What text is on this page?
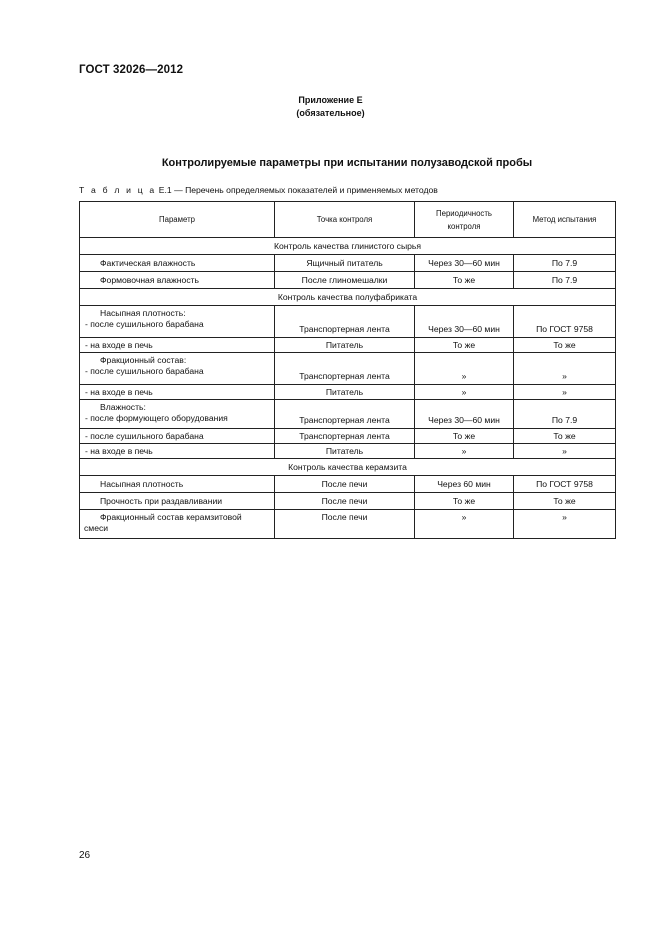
ГОСТ 32026—2012
Приложение Е
(обязательное)
Контролируемые параметры при испытании полузаводской пробы
Т а б л и ц а Е.1 — Перечень определяемых показателей и применяемых методов
Параметр	Точка контроля	Периодичность контроля	Метод испытания
Контроль качества глинистого сырья			
Фактическая влажность	Ящичный питатель	Через 30—60 мин	По 7.9
Формовочная влажность	После глиномешалки	То же	По 7.9
Контроль качества полуфабриката			

Насыпная плотность:
- после сушильного барабана	Транспортерная лента	Через 30—60 мин	По ГОСТ 9758
- на входе в печь	Питатель	То же	То же

Фракционный состав:
- после сушильного барабана	Транспортерная лента	»	»
- на входе в печь	Питатель	»	»

Влажность:
- после формующего оборудования	Транспортерная лента	Через 30—60 мин	По 7.9
- после сушильного барабана	Транспортерная лента	То же	То же
- на входе в печь	Питатель	»	»
Контроль качества керамзита			
Насыпная плотность	После печи	Через 60 мин	По ГОСТ 9758
Прочность при раздавливании	После печи	То же	То же

Фракционный состав керамзитовой
смеси	После печи	»	»
26
